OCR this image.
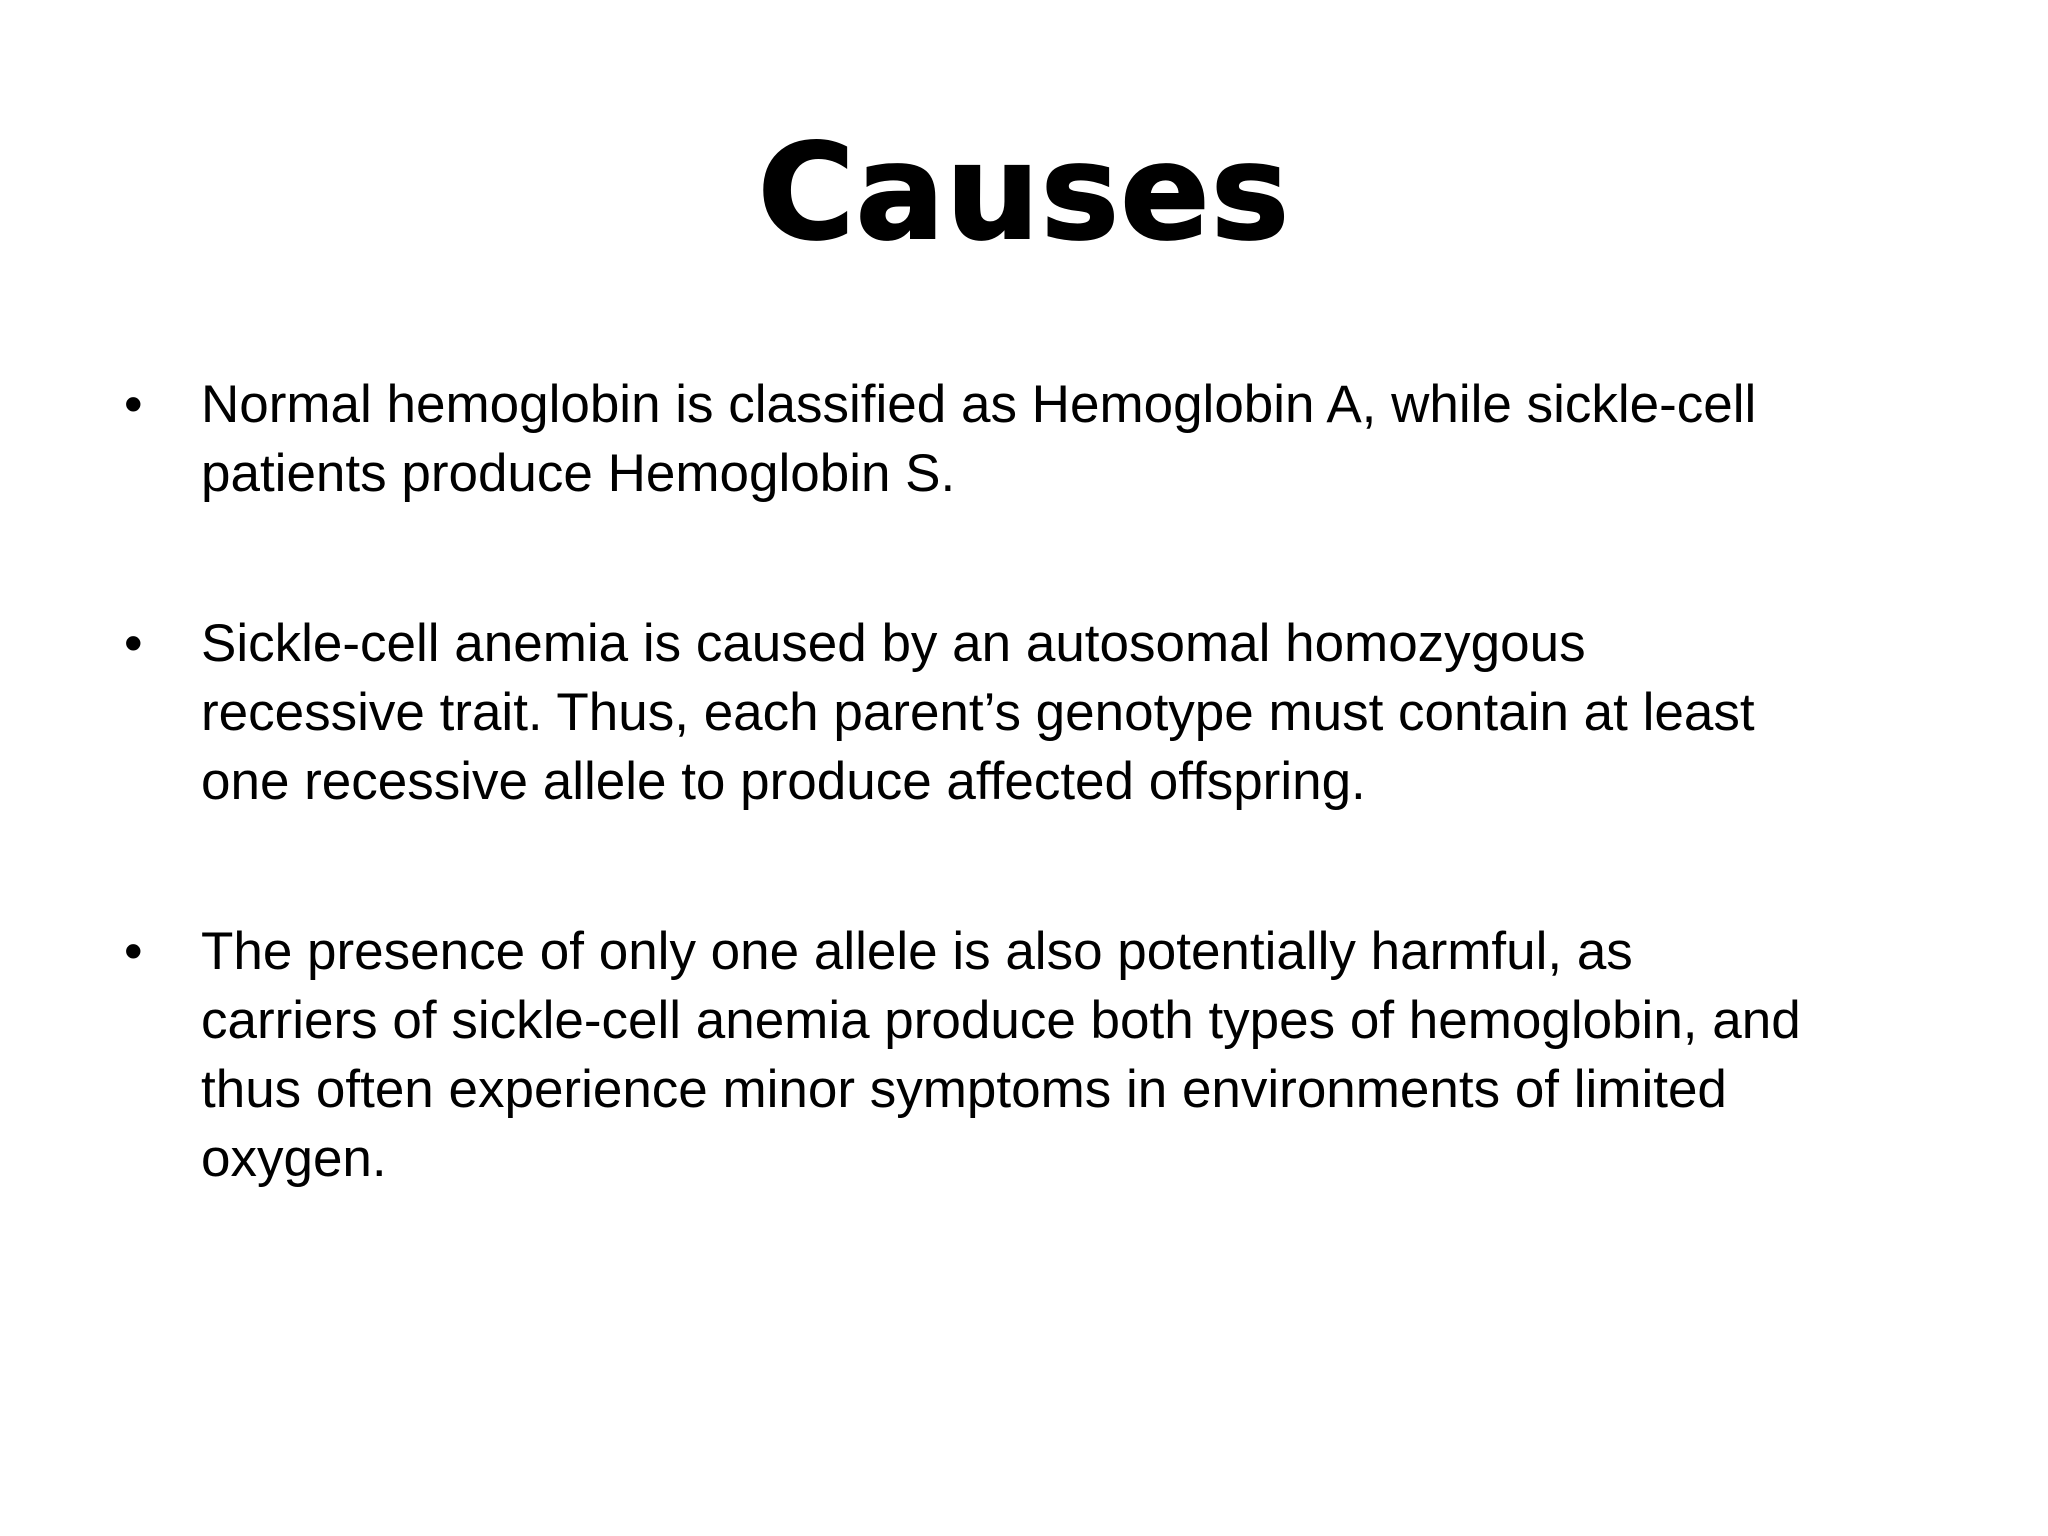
Causes
• Normal hemoglobin is classified as Hemoglobin A, while sickle-cell
patients produce Hemoglobin S.
• Sickle-cell anemia is caused by an autosomal homozygous
recessive trait. Thus, each parent’s genotype must contain at least
one recessive allele to produce affected offspring.
• The presence of only one allele is also potentially harmful, as
carriers of sickle-cell anemia produce both types of hemoglobin, and
thus often experience minor symptoms in environments of limited
oxygen.
